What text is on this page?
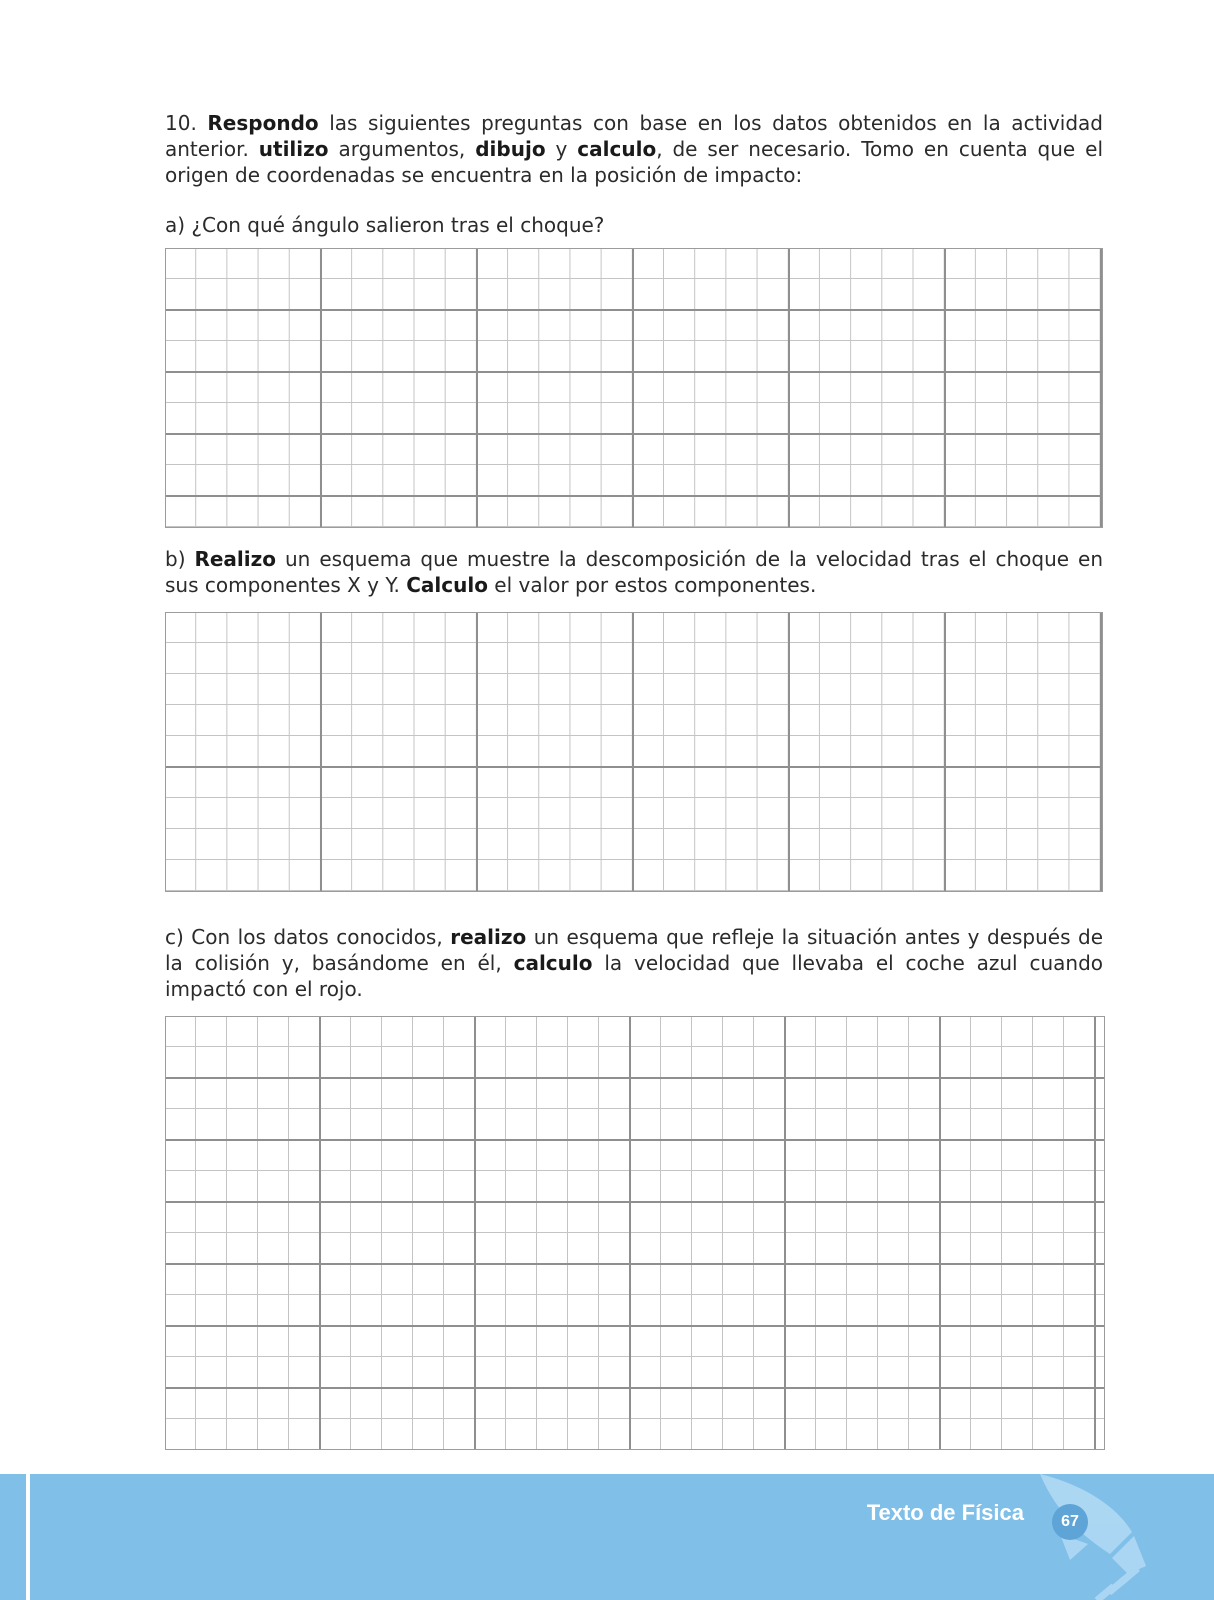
10. Respondo las siguientes preguntas con base en los datos obtenidos en la actividad anterior. utilizo argumentos, dibujo y calculo, de ser necesario. Tomo en cuenta que el origen de coordenadas se encuentra en la posición de impacto:

a) ¿Con qué ángulo salieron tras el choque?

b) Realizo un esquema que muestre la descomposición de la velocidad tras el choque en sus componentes X y Y. Calculo el valor por estos componentes.

c) Con los datos conocidos, realizo un esquema que refleje la situación antes y después de la colisión y, basándome en él, calculo la velocidad que llevaba el coche azul cuando impactó con el rojo.

Texto de Física	67
